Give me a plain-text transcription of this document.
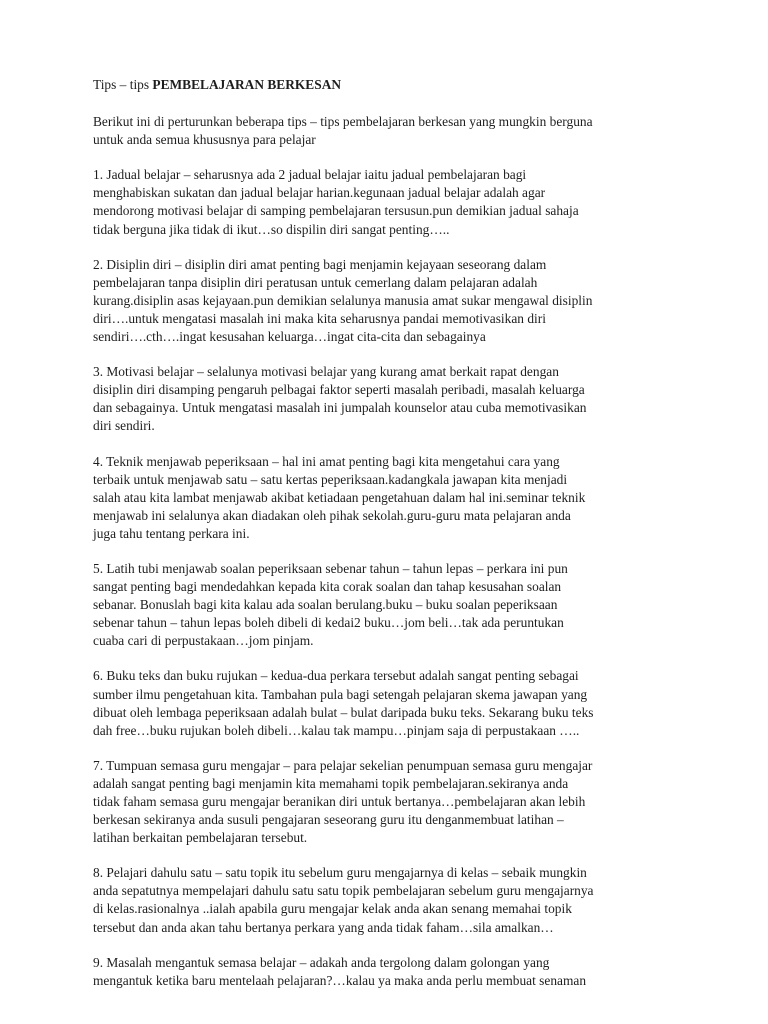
Tips – tips PEMBELAJARAN BERKESAN
Berikut ini di perturunkan beberapa tips – tips pembelajaran berkesan yang mungkin berguna
untuk anda semua khususnya para pelajar
1. Jadual belajar – seharusnya ada 2 jadual belajar iaitu jadual pembelajaran bagi
menghabiskan sukatan dan jadual belajar harian.kegunaan jadual belajar adalah agar
mendorong motivasi belajar di samping pembelajaran tersusun.pun demikian jadual sahaja
tidak berguna jika tidak di ikut…so dispilin diri sangat penting…..
2. Disiplin diri – disiplin diri amat penting bagi menjamin kejayaan seseorang dalam
pembelajaran tanpa disiplin diri peratusan untuk cemerlang dalam pelajaran adalah
kurang.disiplin asas kejayaan.pun demikian selalunya manusia amat sukar mengawal disiplin
diri….untuk mengatasi masalah ini maka kita seharusnya pandai memotivasikan diri
sendiri….cth….ingat kesusahan keluarga…ingat cita-cita dan sebagainya
3. Motivasi belajar – selalunya motivasi belajar yang kurang amat berkait rapat dengan
disiplin diri disamping pengaruh pelbagai faktor seperti masalah peribadi, masalah keluarga
dan sebagainya. Untuk mengatasi masalah ini jumpalah kounselor atau cuba memotivasikan
diri sendiri.
4. Teknik menjawab peperiksaan – hal ini amat penting bagi kita mengetahui cara yang
terbaik untuk menjawab satu – satu kertas peperiksaan.kadangkala jawapan kita menjadi
salah atau kita lambat menjawab akibat ketiadaan pengetahuan dalam hal ini.seminar teknik
menjawab ini selalunya akan diadakan oleh pihak sekolah.guru-guru mata pelajaran anda
juga tahu tentang perkara ini.
5. Latih tubi menjawab soalan peperiksaan sebenar tahun – tahun lepas – perkara ini pun
sangat penting bagi mendedahkan kepada kita corak soalan dan tahap kesusahan soalan
sebanar. Bonuslah bagi kita kalau ada soalan berulang.buku – buku soalan peperiksaan
sebenar tahun – tahun lepas boleh dibeli di kedai2 buku…jom beli…tak ada peruntukan
cuaba cari di perpustakaan…jom pinjam.
6. Buku teks dan buku rujukan – kedua-dua perkara tersebut adalah sangat penting sebagai
sumber ilmu pengetahuan kita. Tambahan pula bagi setengah pelajaran skema jawapan yang
dibuat oleh lembaga peperiksaan adalah bulat – bulat daripada buku teks. Sekarang buku teks
dah free…buku rujukan boleh dibeli…kalau tak mampu…pinjam saja di perpustakaan …..
7. Tumpuan semasa guru mengajar – para pelajar sekelian penumpuan semasa guru mengajar
adalah sangat penting bagi menjamin kita memahami topik pembelajaran.sekiranya anda
tidak faham semasa guru mengajar beranikan diri untuk bertanya…pembelajaran akan lebih
berkesan sekiranya anda susuli pengajaran seseorang guru itu denganmembuat latihan –
latihan berkaitan pembelajaran tersebut.
8. Pelajari dahulu satu – satu topik itu sebelum guru mengajarnya di kelas – sebaik mungkin
anda sepatutnya mempelajari dahulu satu satu topik pembelajaran sebelum guru mengajarnya
di kelas.rasionalnya ..ialah apabila guru mengajar kelak anda akan senang memahai topik
tersebut dan anda akan tahu bertanya perkara yang anda tidak faham…sila amalkan…
9. Masalah mengantuk semasa belajar – adakah anda tergolong dalam golongan yang
mengantuk ketika baru mentelaah pelajaran?…kalau ya maka anda perlu membuat senaman
